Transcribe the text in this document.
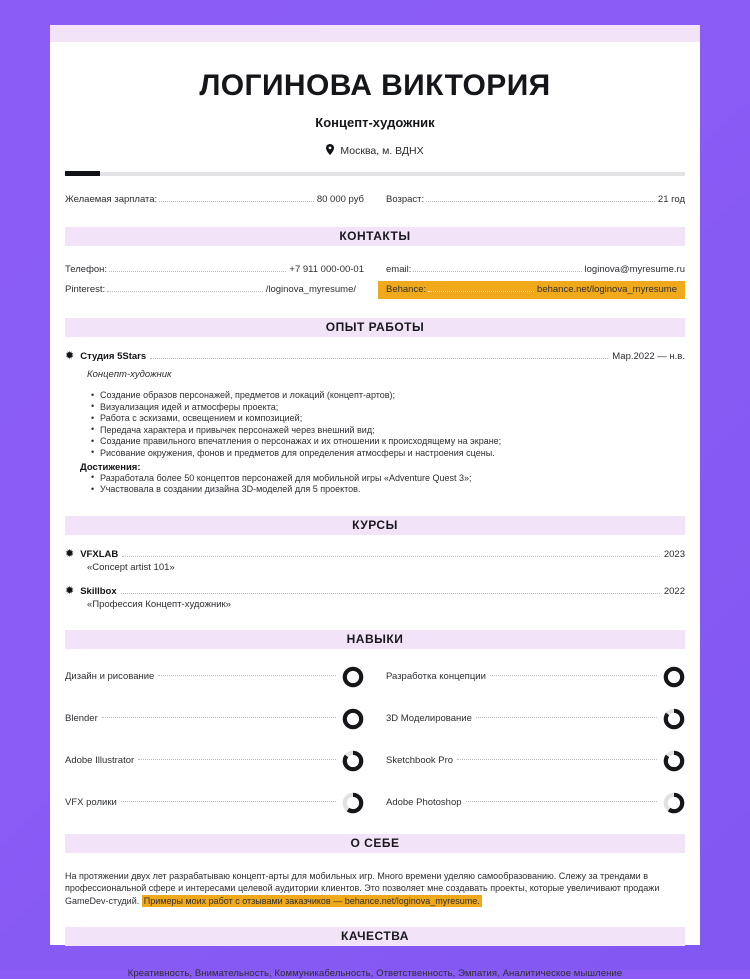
ЛОГИНОВА ВИКТОРИЯ
Концепт-художник
Москва, м. ВДНХ
Желаемая зарплата:	80 000 руб Возраст:	21 год
КОНТАКТЫ
Телефон:	+7 911 000-00-01 email:	loginova@myresume.ru
Pinterest:	/loginova_myresume/	Behance:	behance.net/loginova_myresume
ОПЫТ РАБОТЫ
✹ Студия 5Stars	Мар.2022 — н.в.
Концепт-художник
• Создание образов персонажей, предметов и локаций (концепт-артов);
• Визуализация идей и атмосферы проекта;
• Работа с эскизами, освещением и композицией;
• Передача характера и привычек персонажей через внешний вид;
• Создание правильного впечатления о персонажах и их отношении к происходящему на экране;
• Рисование окружения, фонов и предметов для определения атмосферы и настроения сцены.
Достижения:
• Разработала более 50 концептов персонажей для мобильной игры «Adventure Quest 3»;
• Участвовала в создании дизайна 3D-моделей для 5 проектов.
КУРСЫ
✹ VFXLAB	2023
«Concept artist 101»
✹ Skillbox	2022
«Профессия Концепт-художник»
НАВЫКИ
Дизайн и рисование	Разработка концепции
Blender	3D Моделирование
Adobe Illustrator	Sketchbook Pro
VFX ролики	Adobe Photoshop
О СЕБЕ

На протяжении двух лет разрабатываю концепт-арты для мобильных игр. Много времени уделяю самообразованию. Слежу за трендами в профессиональной сфере и интересами целевой аудитории клиентов. Это позволяет мне создавать проекты, которые увеличивают продажи GameDev-студий. Примеры моих работ с отзывами заказчиков — behance.net/loginova_myresume.

КАЧЕСТВА
Креативность, Внимательность, Коммуникабельность, Ответственность, Эмпатия, Аналитическое мышление
